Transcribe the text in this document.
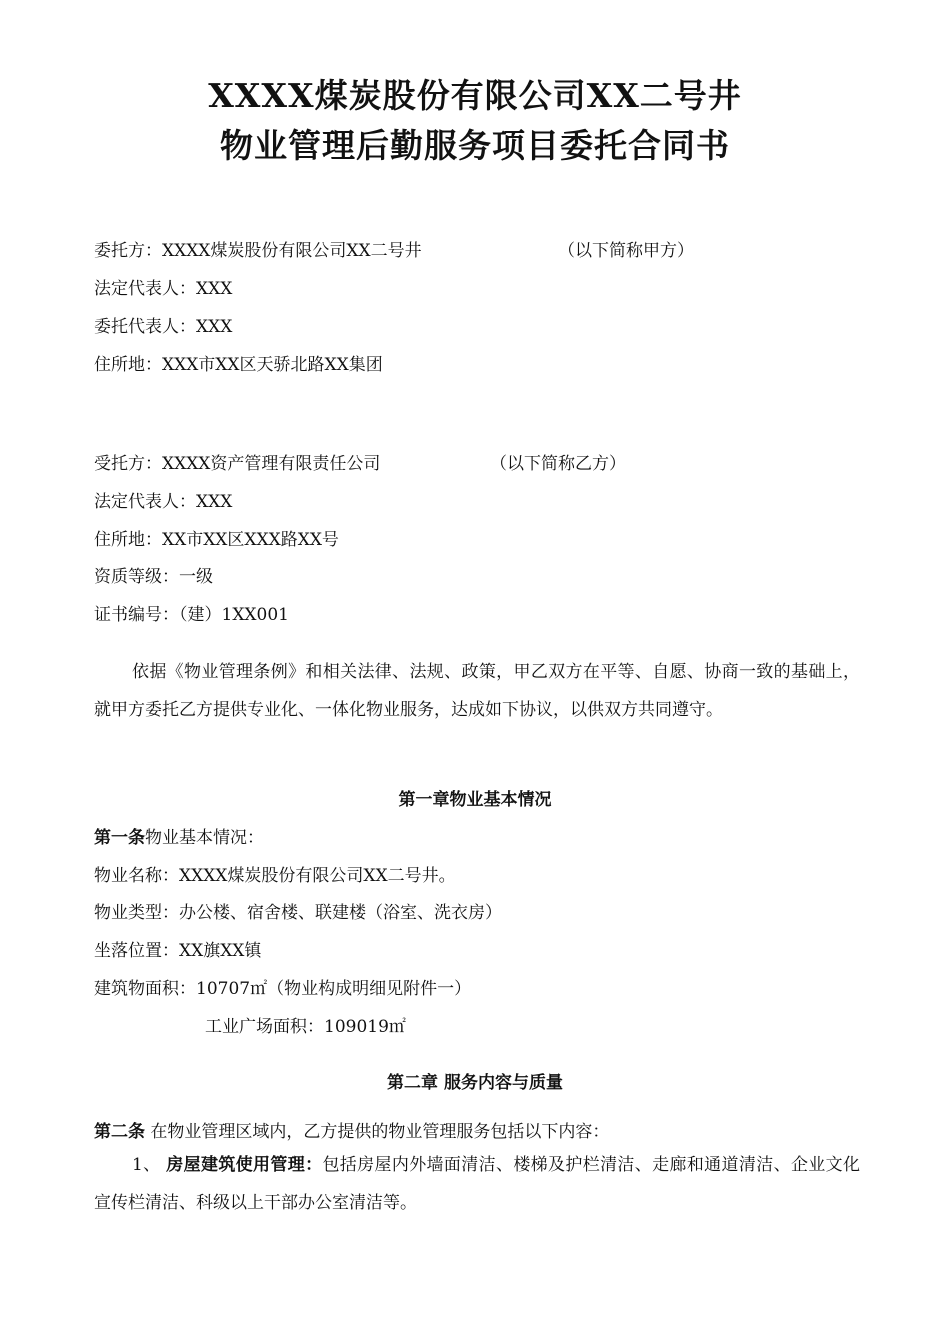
XXXX煤炭股份有限公司XX二号井
物业管理后勤服务项目委托合同书
委托方：XXXX煤炭股份有限公司XX二号井	（以下简称甲方）
法定代表人：XXX
委托代表人：XXX
住所地：XXX市XX区天骄北路XX集团
受托方：XXXX资产管理有限责任公司	（以下简称乙方）
法定代表人：XXX
住所地：XX市XX区XXX路XX号
资质等级：一级
证书编号：（建）1XX001
依据《物业管理条例》和相关法律、法规、政策，甲乙双方在平等、自愿、协商一致的基础上，就甲方委托乙方提供专业化、一体化物业服务，达成如下协议，以供双方共同遵守。
第一章物业基本情况
第一条物业基本情况：
物业名称：XXXX煤炭股份有限公司XX二号井。
物业类型：办公楼、宿舍楼、联建楼（浴室、洗衣房）
坐落位置：XX旗XX镇
建筑物面积：10707㎡（物业构成明细见附件一）
工业广场面积：109019㎡
第二章 服务内容与质量
第二条 在物业管理区域内，乙方提供的物业管理服务包括以下内容：
1、 房屋建筑使用管理：包括房屋内外墙面清洁、楼梯及护栏清洁、走廊和通道清洁、企业文化宣传栏清洁、科级以上干部办公室清洁等。
